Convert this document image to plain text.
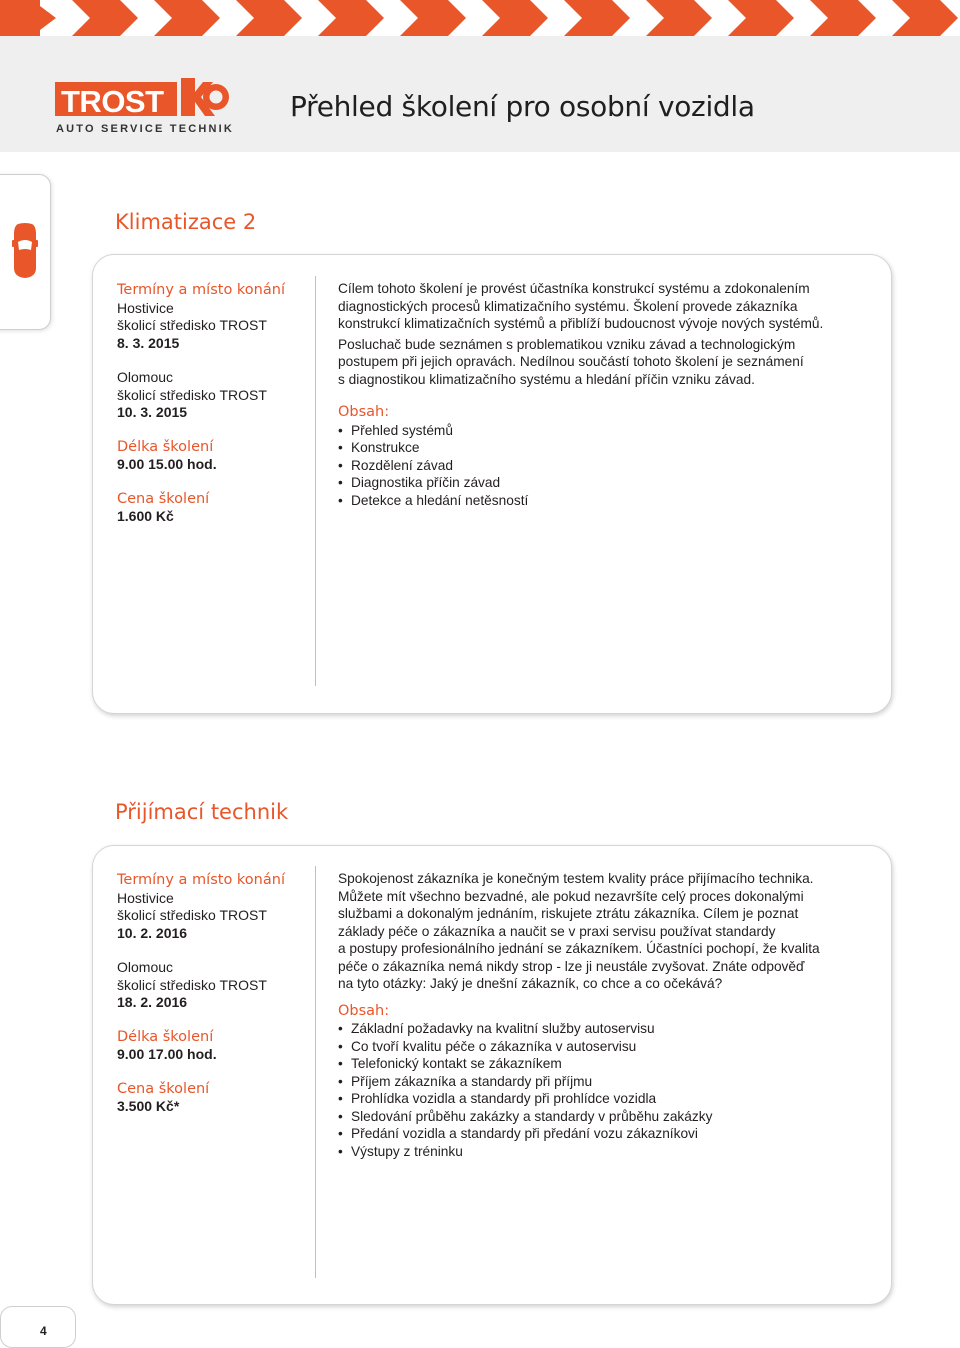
TROST
AUTO SERVICE TECHNIK
Přehled školení pro osobní vozidla
Klimatizace 2
Termíny a místo konání
Hostivice
školicí středisko TROST
8. 3. 2015
Olomouc
školicí středisko TROST
10. 3. 2015
Délka školení
9.00 15.00 hod.
Cena školení
1.600 Kč

Cílem tohoto školení je provést účastníka konstrukcí systému a zdokonalením
diagnostických procesů klimatizačního systému. Školení provede zákazníka
konstrukcí klimatizačních systémů a přiblíží budoucnost vývoje nových systémů.

Posluchač bude seznámen s problematikou vzniku závad a technologickým
postupem při jejich opravách. Nedílnou součástí tohoto školení je seznámení
s diagnostikou klimatizačního systému a hledání příčin vzniku závad.

Obsah:
• Přehled systémů
• Konstrukce
• Rozdělení závad
• Diagnostika příčin závad
• Detekce a hledání netěsností
Přijímací technik
Termíny a místo konání
Hostivice
školicí středisko TROST
10. 2. 2016
Olomouc
školicí středisko TROST
18. 2. 2016
Délka školení
9.00 17.00 hod.
Cena školení
3.500 Kč*

Spokojenost zákazníka je konečným testem kvality práce přijímacího technika.
Můžete mít všechno bezvadné, ale pokud nezavršíte celý proces dokonalými
službami a dokonalým jednáním, riskujete ztrátu zákazníka. Cílem je poznat
základy péče o zákazníka a naučit se v praxi servisu používat standardy
a postupy profesionálního jednání se zákazníkem. Účastníci pochopí, že kvalita
péče o zákazníka nemá nikdy strop - lze ji neustále zvyšovat. Znáte odpověď
na tyto otázky: Jaký je dnešní zákazník, co chce a co očekává?

Obsah:
• Základní požadavky na kvalitní služby autoservisu
• Co tvoří kvalitu péče o zákazníka v autoservisu
• Telefonický kontakt se zákazníkem
• Příjem zákazníka a standardy při příjmu
• Prohlídka vozidla a standardy při prohlídce vozidla
• Sledování průběhu zakázky a standardy v průběhu zakázky
• Předání vozidla a standardy při předání vozu zákazníkovi
• Výstupy z tréninku
4
